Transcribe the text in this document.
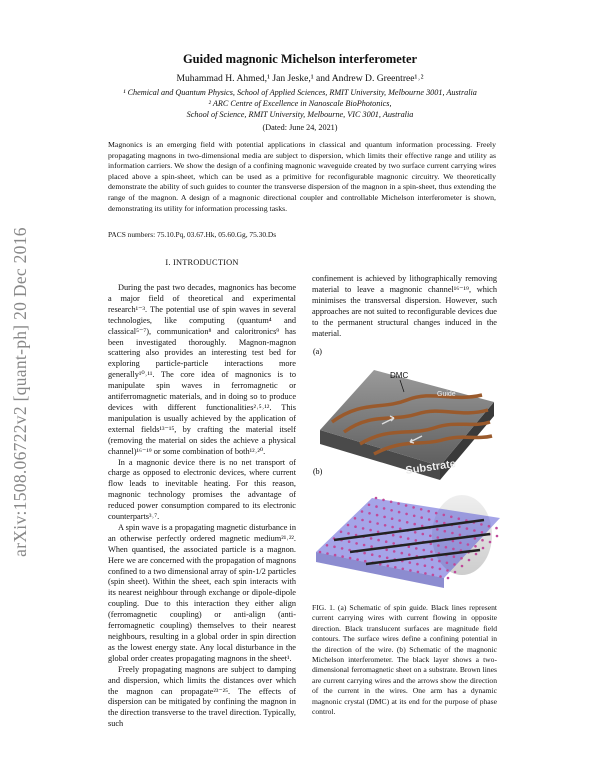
arXiv:1508.06722v2 [quant-ph] 20 Dec 2016
Guided magnonic Michelson interferometer
Muhammad H. Ahmed,¹ Jan Jeske,¹ and Andrew D. Greentree¹˒²
¹ Chemical and Quantum Physics, School of Applied Sciences, RMIT University, Melbourne 3001, Australia
² ARC Centre of Excellence in Nanoscale BioPhotonics,
School of Science, RMIT University, Melbourne, VIC 3001, Australia
(Dated: June 24, 2021)
Magnonics is an emerging field with potential applications in classical and quantum information processing. Freely propagating magnons in two-dimensional media are subject to dispersion, which limits their effective range and utility as information carriers. We show the design of a confining magnonic waveguide created by two surface current carrying wires placed above a spin-sheet, which can be used as a primitive for reconfigurable magnonic circuitry. We theoretically demonstrate the ability of such guides to counter the transverse dispersion of the magnon in a spin-sheet, thus extending the range of the magnon. A design of a magnonic directional coupler and controllable Michelson interferometer is shown, demonstrating its utility for information processing tasks.
PACS numbers: 75.10.Pq, 03.67.Hk, 05.60.Gg, 75.30.Ds
I. INTRODUCTION

During the past two decades, magnonics has become a major field of theoretical and experimental research¹⁻³. The potential use of spin waves in several technologies, like computing (quantum⁴ and classical⁵⁻⁷), communication⁸ and caloritronics⁹ has been investigated thoroughly. Magnon-magnon scattering also provides an interesting test bed for exploring particle-particle interactions more generally¹⁰˒¹¹. The core idea of magnonics is to manipulate spin waves in ferromagnetic or antiferromagnetic materials, and in doing so to produce devices with different functionalities²˒⁵˒¹². This manipulation is usually achieved by the application of external fields¹³⁻¹⁵, by crafting the material itself (removing the material on sides the achieve a physical channel)¹⁶⁻¹⁹ or some combination of both¹²˒²⁰.

In a magnonic device there is no net transport of charge as opposed to electronic devices, where current flow leads to inevitable heating. For this reason, magnonic technology promises the advantage of reduced power consumption compared to its electronic counterparts³˒⁷.

A spin wave is a propagating magnetic disturbance in an otherwise perfectly ordered magnetic medium²¹˒²². When quantised, the associated particle is a magnon. Here we are concerned with the propagation of magnons confined to a two dimensional array of spin-1/2 particles (spin sheet). Within the sheet, each spin interacts with its nearest neighbour through exchange or dipole-dipole coupling. Due to this interaction they either align (ferromagnetic coupling) or anti-align (anti-ferromagnetic coupling) themselves to their nearest neighbours, resulting in a global order in spin direction as the lowest energy state. Any local disturbance in the global order creates propagating magnons in the sheet¹.

Freely propagating magnons are subject to damping and dispersion, which limits the distances over which the magnon can propagate²³⁻²⁵. The effects of dispersion can be mitigated by confining the magnon in the direction transverse to the travel direction. Typically, such

confinement is achieved by lithographically removing material to leave a magnonic channel¹⁶⁻¹⁹, which minimises the transversal dispersion. However, such approaches are not suited to reconfigurable devices due to the permanent structural changes induced in the material.

(a)
DMC
Guide
Substrate
(b)
FIG. 1. (a) Schematic of spin guide. Black lines represent current carrying wires with current flowing in opposite direction. Black translucent surfaces are magnitude field contours. The surface wires define a confining potential in the direction of the wire. (b) Schematic of the magnonic Michelson interferometer. The black layer shows a two-dimensional ferromagnetic sheet on a substrate. Brown lines are current carrying wires and the arrows show the direction of the current in the wires. One arm has a dynamic magnonic crystal (DMC) at its end for the purpose of phase control.
